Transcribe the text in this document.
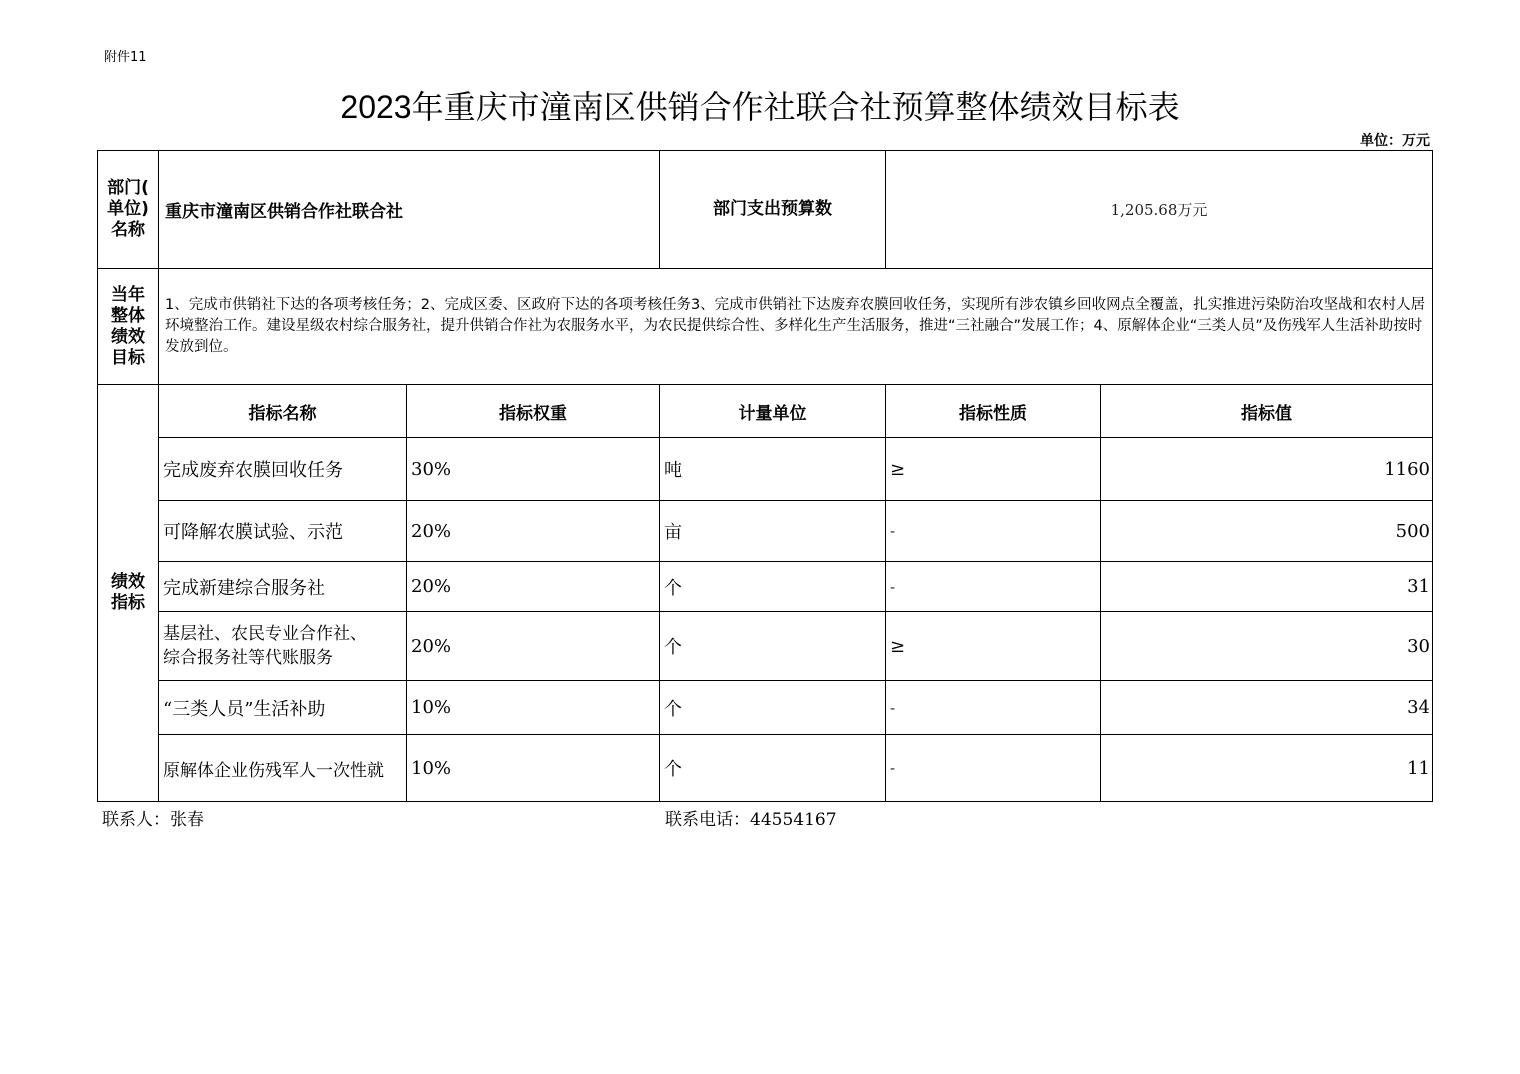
附件11
2023年重庆市潼南区供销合作社联合社预算整体绩效目标表
单位：万元
部门(
单位)
名称	重庆市潼南区供销合作社联合社		部门支出预算数	1,205.68万元	
当年
整体
绩效
目标	1、完成市供销社下达的各项考核任务；2、完成区委、区政府下达的各项考核任务3、完成市供销社下达废弃农膜回收任务，实现所有涉农镇乡回收网点全覆盖，扎实推进污染防治攻坚战和农村人居环境整治工作。建设星级农村综合服务社，提升供销合作社为农服务水平，为农民提供综合性、多样化生产生活服务，推进“三社融合”发展工作；4、原解体企业“三类人员”及伤残军人生活补助按时发放到位。				
绩效
指标	指标名称	指标权重	计量单位	指标性质	指标值
	完成废弃农膜回收任务	30%	吨	≥	1160
	可降解农膜试验、示范	20%	亩	-	500
	完成新建综合服务社	20%	个	-	31
	基层社、农民专业合作社、
综合报务社等代账服务	20%	个	≥	30
	“三类人员”生活补助	10%	个	-	34
	原解体企业伤残军人一次性就	10%	个	-	11
联系人：张春	联系电话：44554167
